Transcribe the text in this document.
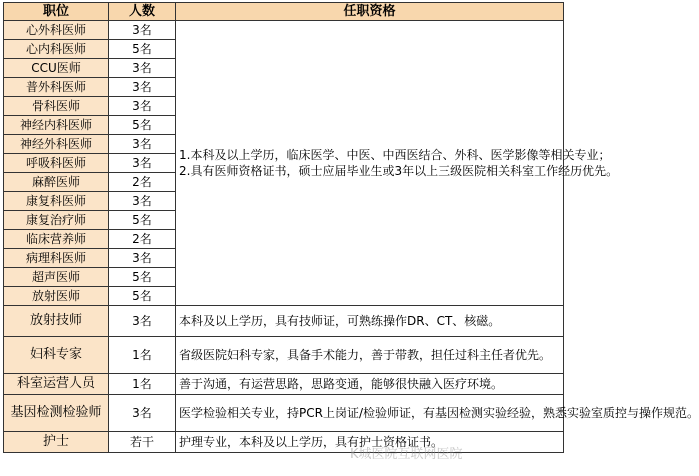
职位	人数	任职资格
心外科医师	3名	1.本科及以上学历，临床医学、中医、中西医结合、外科、医学影像等相关专业；
2.具有医师资格证书，硕士应届毕业生或3年以上三级医院相关科室工作经历优先。

心内科医师	5名	
CCU医师	3名	
普外科医师	3名	
骨科医师	3名	
神经内科医师	5名	
神经外科医师	3名	
呼吸科医师	3名	
麻醉医师	2名	
康复科医师	3名	
康复治疗师	5名	
临床营养师	2名	
病理科医师	3名	
超声医师	5名	
放射医师	5名	
放射技师	3名	本科及以上学历，具有技师证，可熟练操作DR、CT、核磁。
妇科专家	1名	省级医院妇科专家，具备手术能力，善于带教，担任过科主任者优先。
科室运营人员	1名	善于沟通，有运营思路，思路变通，能够很快融入医疗环境。
基因检测检验师	3名	医学检验相关专业，持PCR上岗证/检验师证，有基因检测实验经验，熟悉实验室质控与操作规范。
护士	若干	护理专业，本科及以上学历，具有护士资格证书。
K城医院互联网医院
